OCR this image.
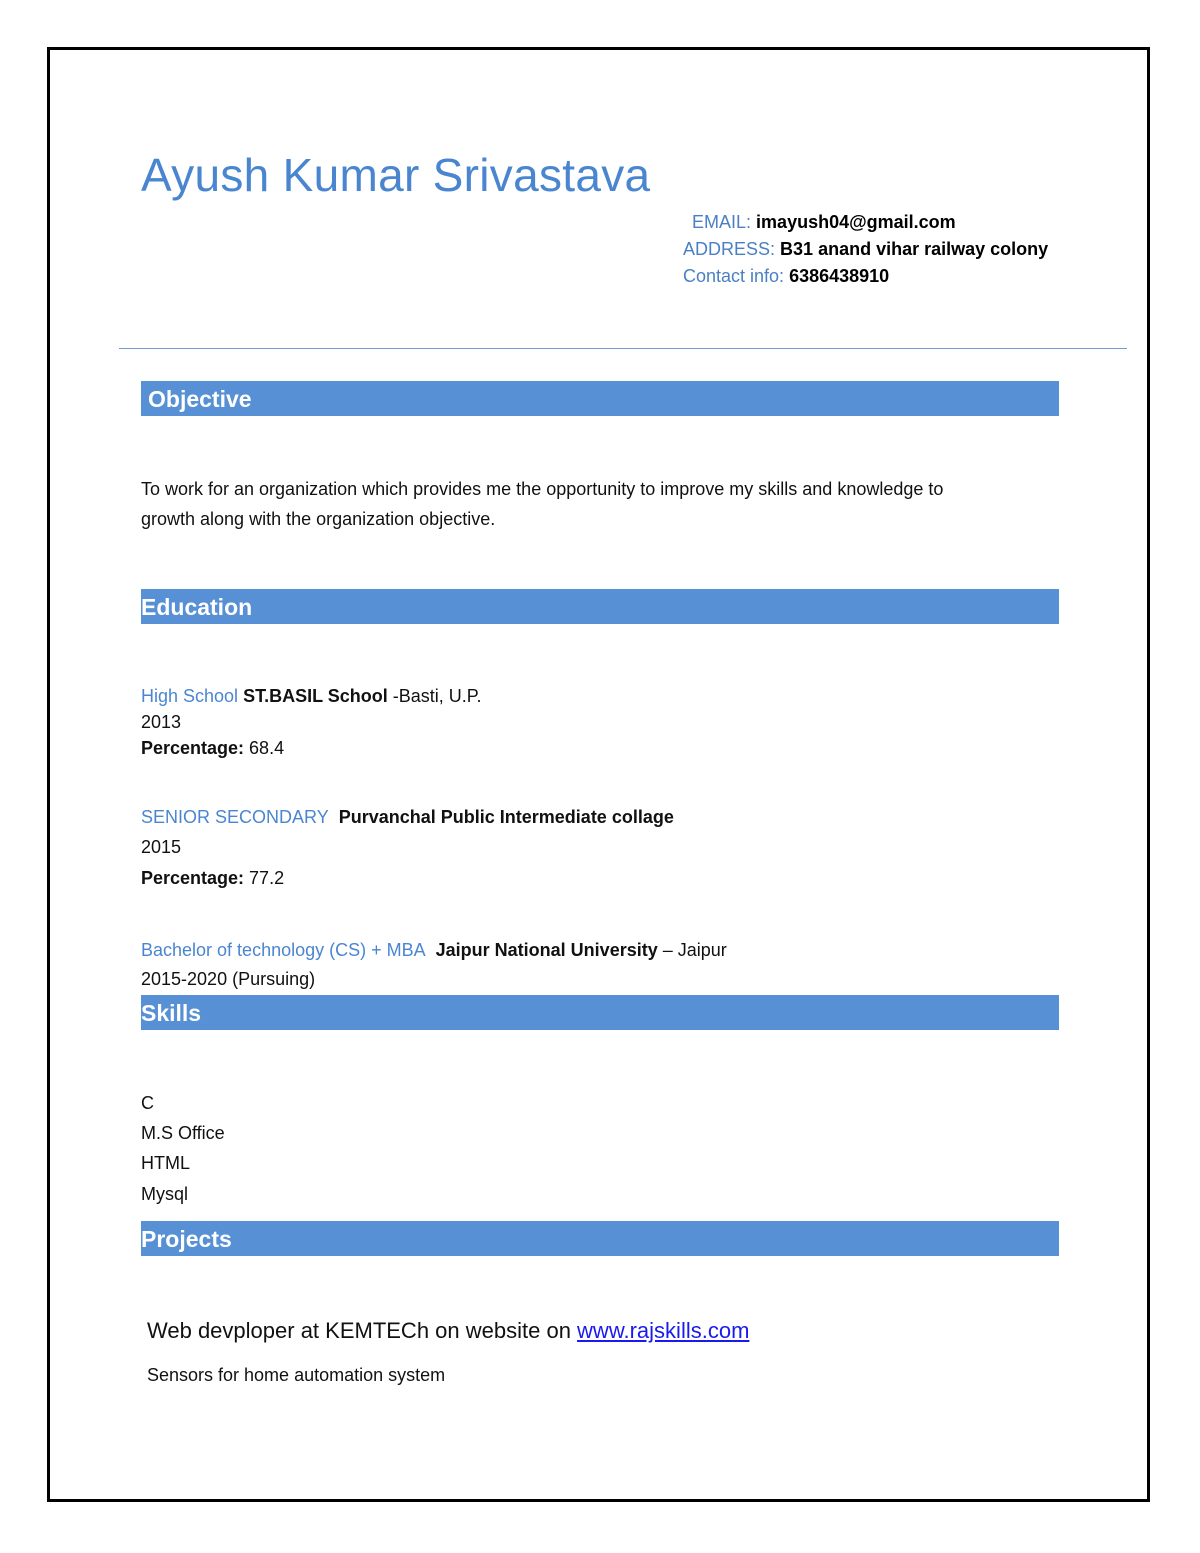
Ayush Kumar Srivastava
EMAIL: imayush04@gmail.com
ADDRESS: B31 anand vihar railway colony
Contact info: 6386438910
Objective
To work for an organization which provides me the opportunity to improve my skills and knowledge to
growth along with the organization objective.
Education
High School ST.BASIL School -Basti, U.P.
2013
Percentage: 68.4
SENIOR SECONDARY Purvanchal Public Intermediate collage
2015
Percentage: 77.2
Bachelor of technology (CS) + MBA Jaipur National University – Jaipur
2015-2020 (Pursuing)
Skills
C
M.S Office
HTML
Mysql
Projects
Web devploper at KEMTECh on website on www.rajskills.com
Sensors for home automation system
